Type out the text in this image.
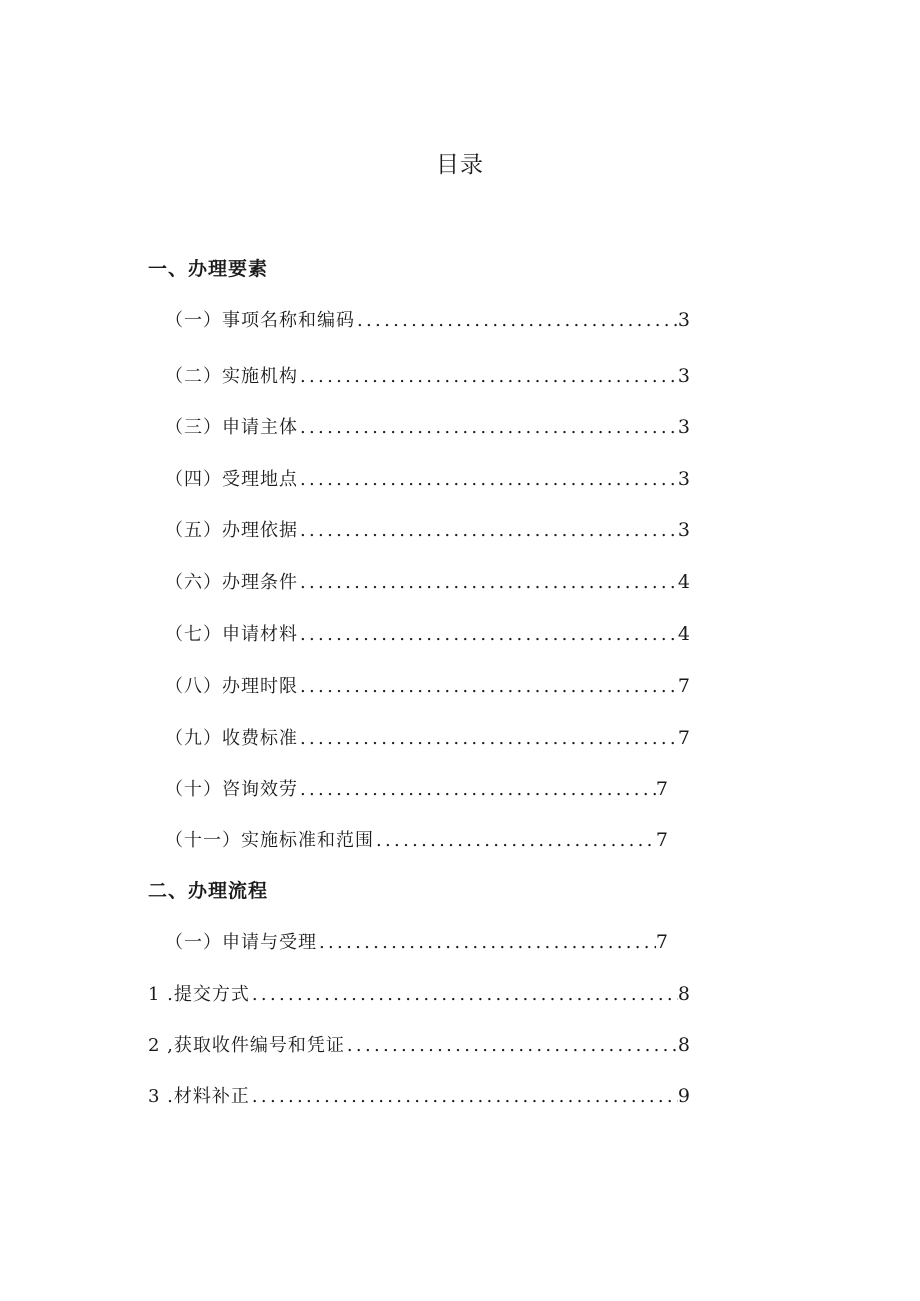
目录
一、办理要素
（一）事项名称和编码 .....	3
（二）实施机构 .....	3
（三）申请主体 .....	3
（四）受理地点 .....	3
（五）办理依据 .....	3
（六）办理条件 .....	4
（七）申请材料 .....	4
（八）办理时限 .....	7
（九）收费标准 .....	7
（十）咨询效劳 .....	7
（十一）实施标准和范围 .....	7
二、办理流程
（一）申请与受理 .....	7
1 .提交方式 .....	8
2 ,获取收件编号和凭证 .....	8
3 .材料补正 .....	9
